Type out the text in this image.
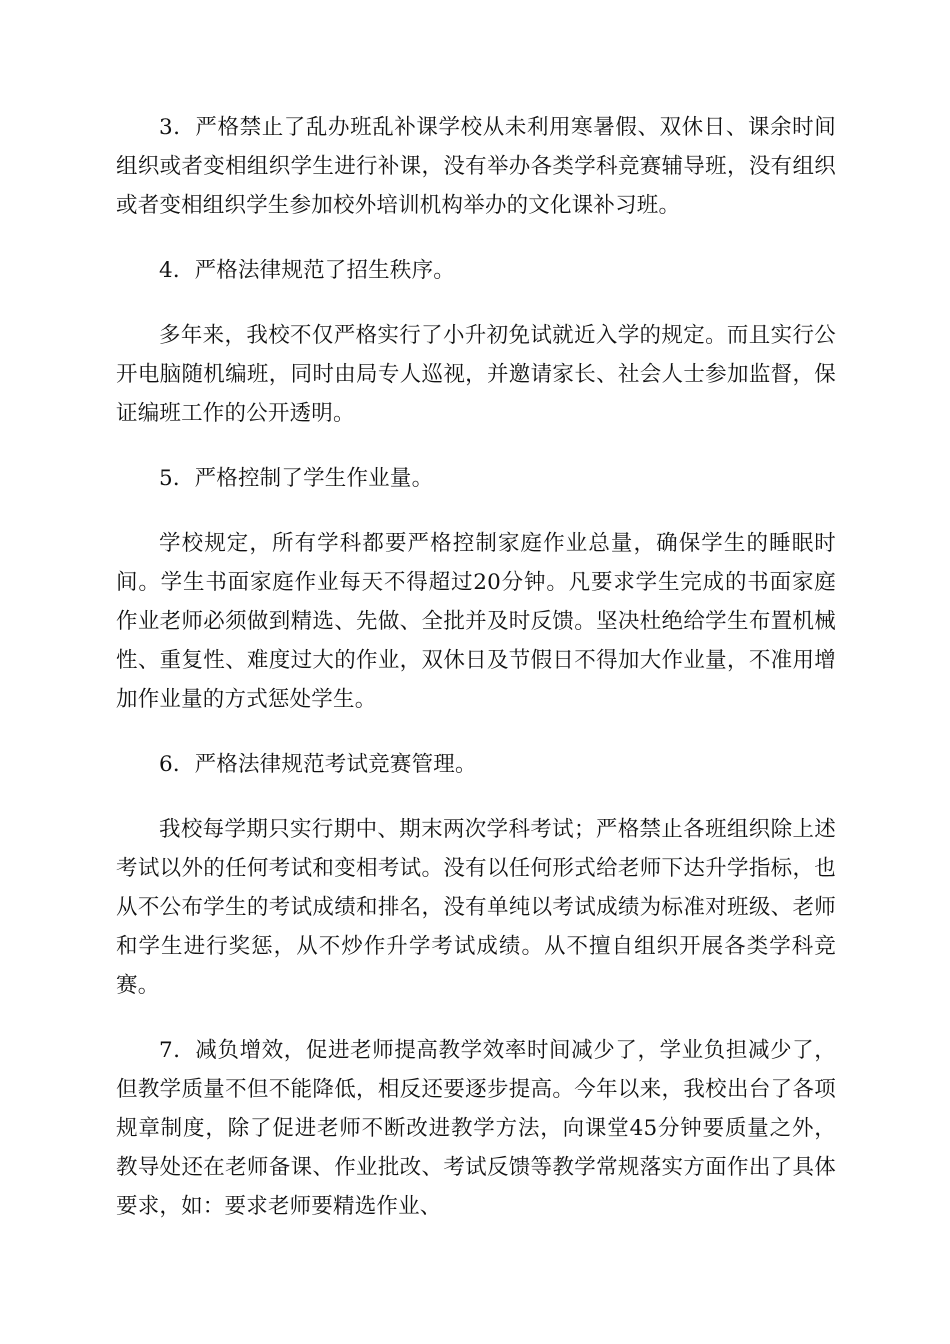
3．严格禁止了乱办班乱补课学校从未利用寒暑假、双休日、课余时间组织或者变相组织学生进行补课，没有举办各类学科竞赛辅导班，没有组织或者变相组织学生参加校外培训机构举办的文化课补习班。

4．严格法律规范了招生秩序。

多年来，我校不仅严格实行了小升初免试就近入学的规定。而且实行公开电脑随机编班，同时由局专人巡视，并邀请家长、社会人士参加监督，保证编班工作的公开透明。

5．严格控制了学生作业量。

学校规定，所有学科都要严格控制家庭作业总量，确保学生的睡眠时间。学生书面家庭作业每天不得超过20分钟。凡要求学生完成的书面家庭作业老师必须做到精选、先做、全批并及时反馈。坚决杜绝给学生布置机械性、重复性、难度过大的作业，双休日及节假日不得加大作业量，不准用增加作业量的方式惩处学生。

6．严格法律规范考试竞赛管理。

我校每学期只实行期中、期末两次学科考试；严格禁止各班组织除上述考试以外的任何考试和变相考试。没有以任何形式给老师下达升学指标，也从不公布学生的考试成绩和排名，没有单纯以考试成绩为标准对班级、老师和学生进行奖惩，从不炒作升学考试成绩。从不擅自组织开展各类学科竞赛。

7．减负增效，促进老师提高教学效率时间减少了，学业负担减少了，但教学质量不但不能降低，相反还要逐步提高。今年以来，我校出台了各项规章制度，除了促进老师不断改进教学方法，向课堂45分钟要质量之外，教导处还在老师备课、作业批改、考试反馈等教学常规落实方面作出了具体要求，如：要求老师要精选作业、
